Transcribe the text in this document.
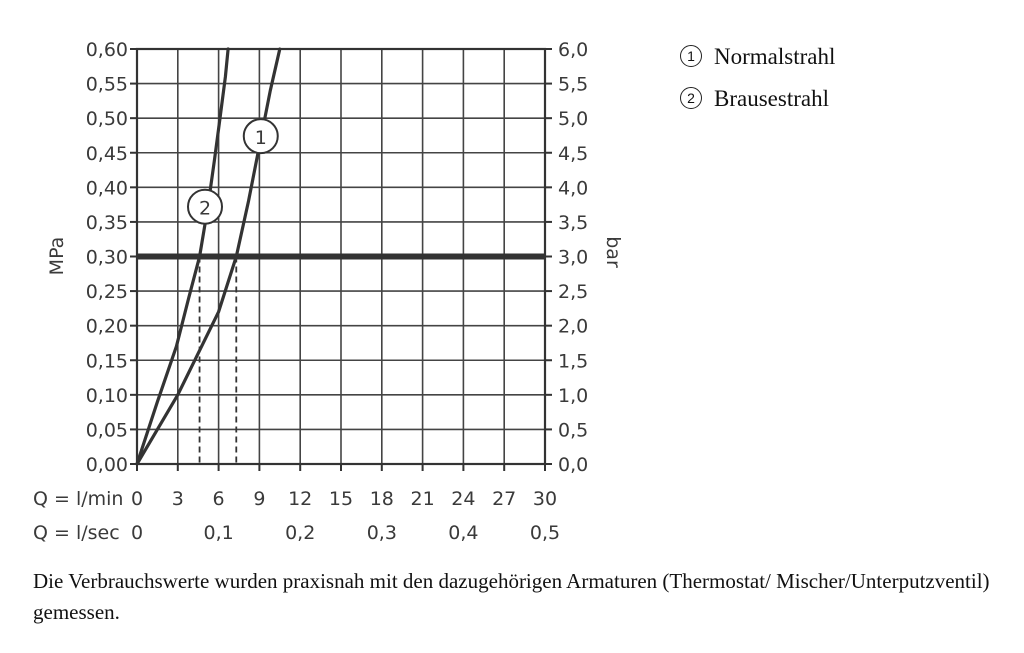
0,00	0,0
0,05	0,5
0,10	1,0
0,15	1,5
0,20	2,0
0,25	2,5
0,30	3,0
0,35	3,5
0,40	4,0
0,45	4,5
0,50	5,0
0,55	5,5
0,60	6,0
0 3 6 9 12 15 18 21 24 27 30
0	0,1	0,2	0,3	0,4	0,5
Q = l/min
Q = l/sec
MPa	bar
1
2
1 Normalstrahl
2 Brausestrahl

Die Verbrauchswerte wurden praxisnah mit den dazugehörigen Armaturen (Thermostat/ Mischer/Unterputzventil) gemessen.
